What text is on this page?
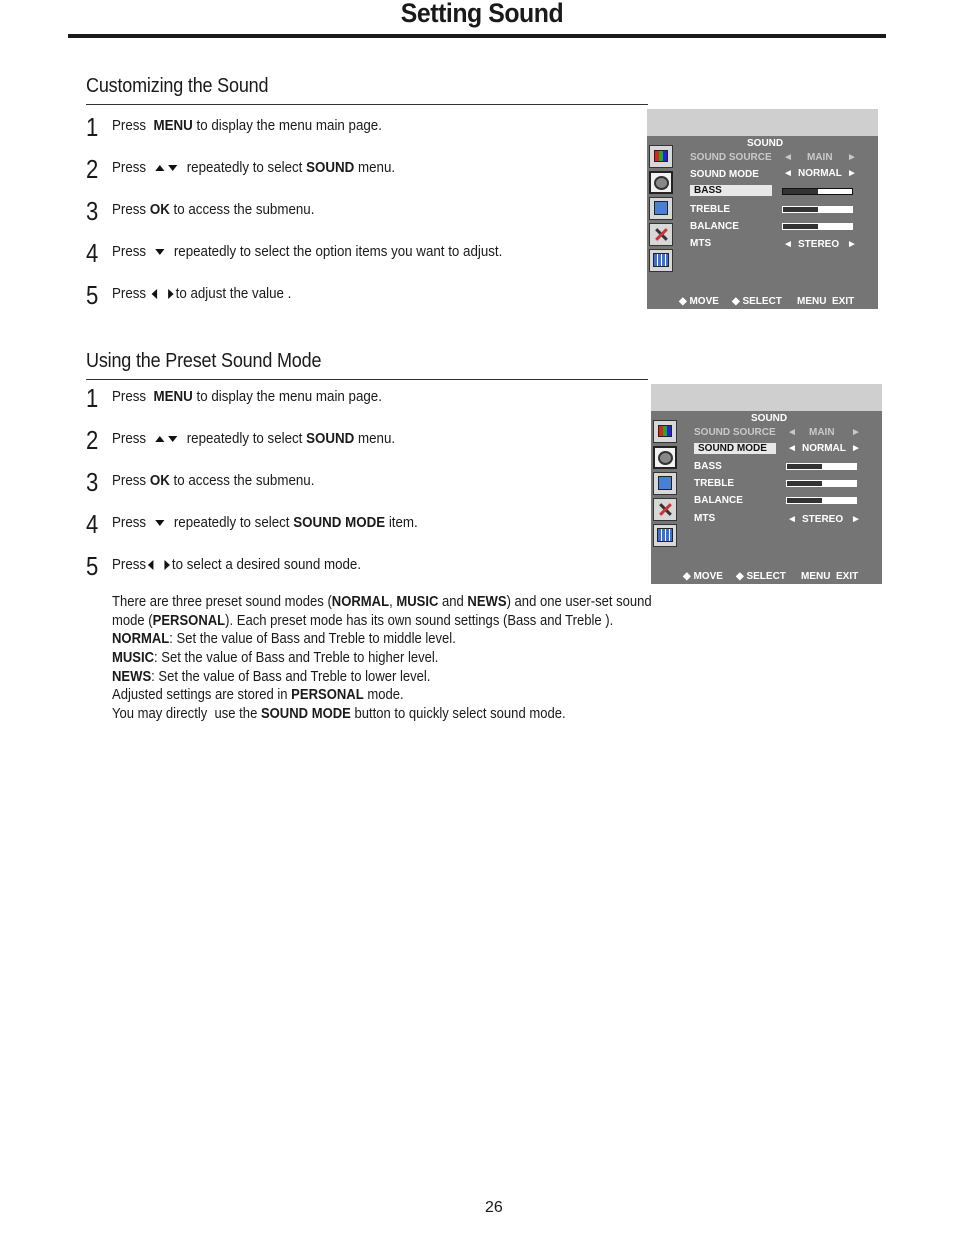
Setting Sound
Customizing the Sound
1 Press MENU to display the menu main page.
2 Press	repeatedly to select SOUND menu.
3 Press OK to access the submenu.
4 Press repeatedly to select the option items you want to adjust.
5 Press to adjust the value .
SOUND
SOUND SOURCE ◄ MAIN ►
SOUND MODE ◄ NORMAL ►
BASS
TREBLE
BALANCE
MTS	◄ STEREO ►
◆ MOVE ◆ SELECT MENU  EXIT
Using the Preset Sound Mode
1 Press MENU to display the menu main page.
2 Press	repeatedly to select SOUND menu.
3 Press OK to access the submenu.
4 Press repeatedly to select SOUND MODE item.
5 Press to select a desired sound mode.
SOUND
SOUND SOURCE ◄ MAIN ►
SOUND MODE	◄ NORMAL ►
BASS
TREBLE
BALANCE
MTS	◄ STEREO ►
◆ MOVE ◆ SELECT MENU  EXIT
There are three preset sound modes (NORMAL, MUSIC and NEWS) and one user-set sound
mode (PERSONAL). Each preset mode has its own sound settings (Bass and Treble ).
NORMAL: Set the value of Bass and Treble to middle level.
MUSIC: Set the value of Bass and Treble to higher level.
NEWS: Set the value of Bass and Treble to lower level.
Adjusted settings are stored in PERSONAL mode.
You may directly  use the SOUND MODE button to quickly select sound mode.
26
